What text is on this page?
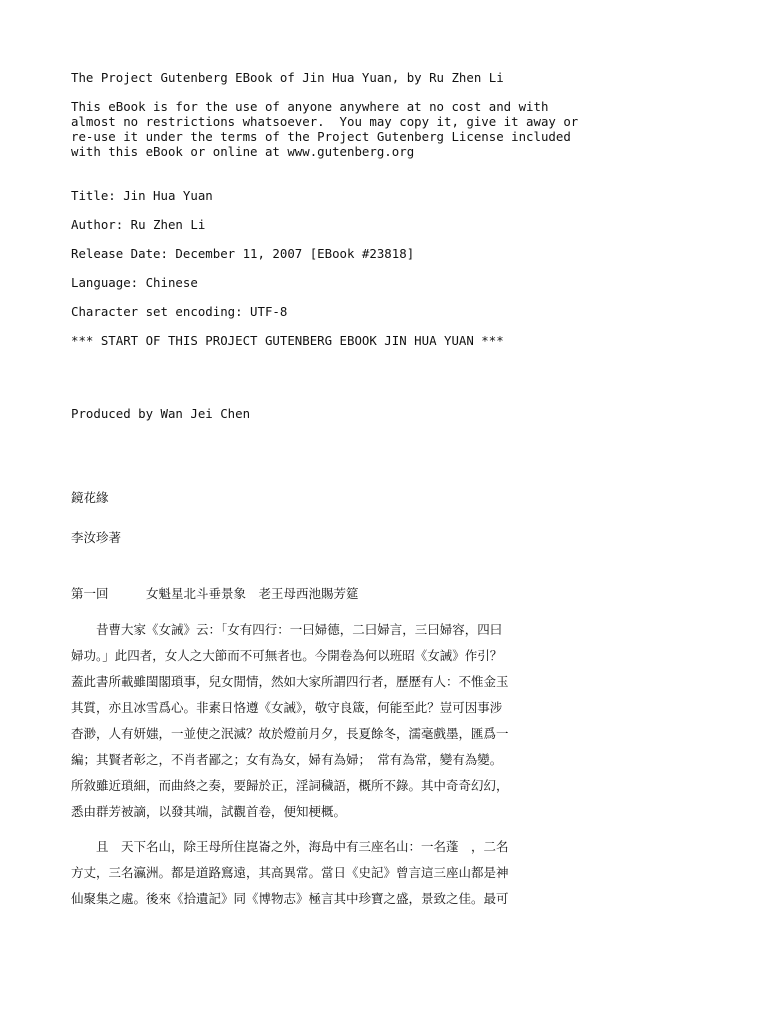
The Project Gutenberg EBook of Jin Hua Yuan, by Ru Zhen Li
This eBook is for the use of anyone anywhere at no cost and with
almost no restrictions whatsoever.  You may copy it, give it away or
re-use it under the terms of the Project Gutenberg License included
with this eBook or online at www.gutenberg.org
Title: Jin Hua Yuan
Author: Ru Zhen Li
Release Date: December 11, 2007 [EBook #23818]
Language: Chinese
Character set encoding: UTF-8
*** START OF THIS PROJECT GUTENBERG EBOOK JIN HUA YUAN ***
Produced by Wan Jei Chen
鏡花緣
李汝珍著
第一回	女魁星北斗垂景象　老王母西池賜芳筵
昔曹大家《女誡》云：「女有四行：一曰婦德，二曰婦言，三曰婦容，四曰
婦功。」此四者，女人之大節而不可無者也。今開卷為何以班昭《女誡》作引？
蓋此書所載雖閨閣瑣事，兒女閒情，然如大家所謂四行者，歷歷有人：不惟金玉
其質，亦且冰雪爲心。非素日恪遵《女誡》，敬守良箴，何能至此？豈可因事涉
杳渺，人有妍媸，一並使之泯滅？故於燈前月夕，長夏餘冬，濡毫戲墨，匯爲一
編；其賢者彰之，不肖者鄙之；女有為女，婦有為婦；　常有為常，變有為變。
所敘雖近瑣細，而曲終之奏，要歸於正，淫詞穢語，概所不錄。其中奇奇幻幻，
悉由群芳被謫，以發其端，試觀首卷，便知梗概。
且　天下名山，除王母所住崑崙之外，海島中有三座名山：一名蓬　，二名
方丈，三名瀛洲。都是道路窵遠，其高異常。當日《史記》曾言這三座山都是神
仙聚集之處。後來《拾遺記》同《博物志》極言其中珍寶之盛，景致之佳。最可
